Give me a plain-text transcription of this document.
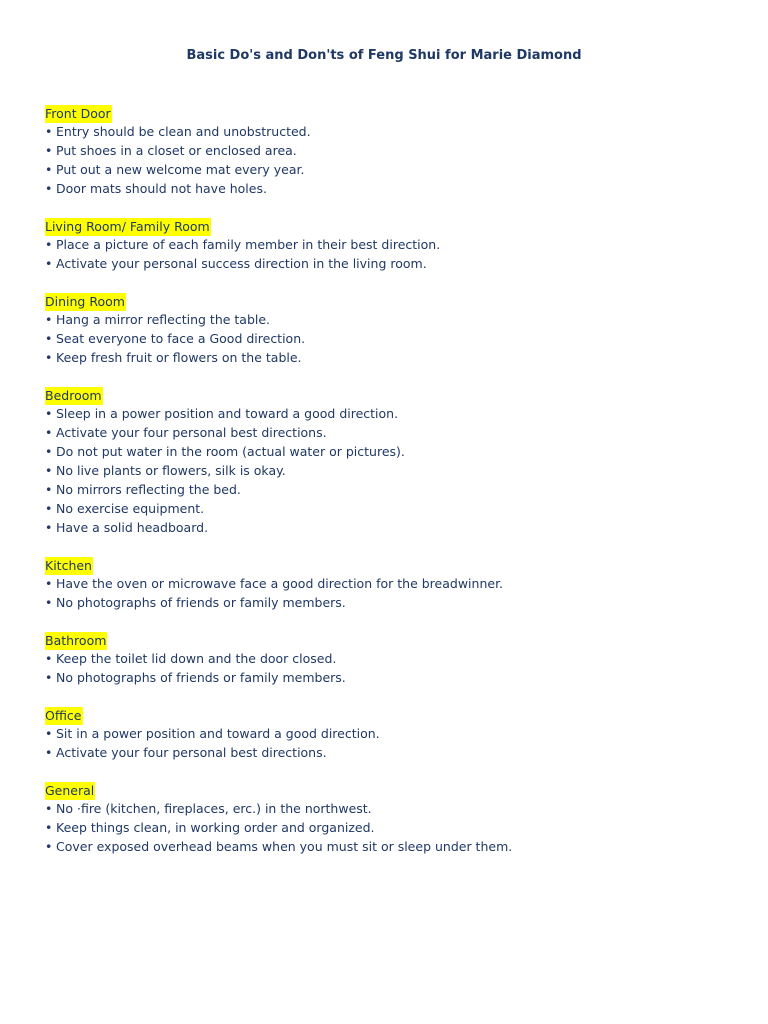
Basic Do's and Don'ts of Feng Shui for Marie Diamond
Front Door
• Entry should be clean and unobstructed.
• Put shoes in a closet or enclosed area.
• Put out a new welcome mat every year.
• Door mats should not have holes.
Living Room/ Family Room
• Place a picture of each family member in their best direction.
• Activate your personal success direction in the living room.
Dining Room
• Hang a mirror reflecting the table.
• Seat everyone to face a Good direction.
• Keep fresh fruit or flowers on the table.
Bedroom
• Sleep in a power position and toward a good direction.
• Activate your four personal best directions.
• Do not put water in the room (actual water or pictures).
• No live plants or flowers, silk is okay.
• No mirrors reflecting the bed.
• No exercise equipment.
• Have a solid headboard.
Kitchen
• Have the oven or microwave face a good direction for the breadwinner.
• No photographs of friends or family members.
Bathroom
• Keep the toilet lid down and the door closed.
• No photographs of friends or family members.
Office
• Sit in a power position and toward a good direction.
• Activate your four personal best directions.
General
• No ·fire (kitchen, fireplaces, erc.) in the northwest.
• Keep things clean, in working order and organized.
• Cover exposed overhead beams when you must sit or sleep under them.
